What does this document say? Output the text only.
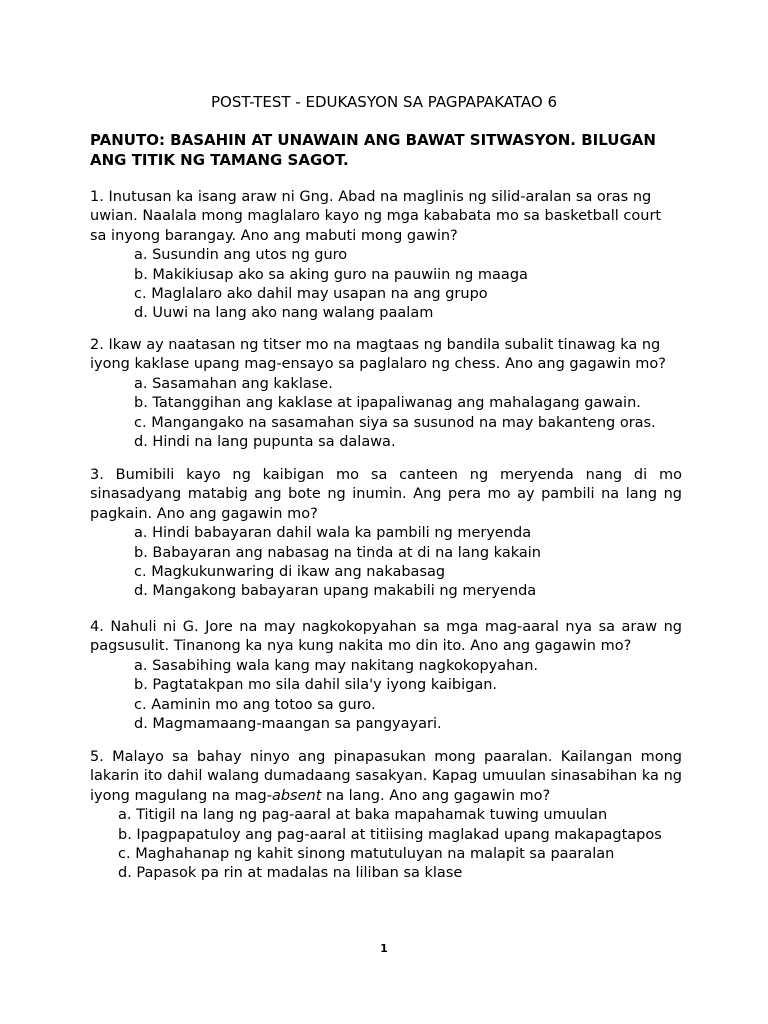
POST-TEST - EDUKASYON SA PAGPAPAKATAO 6
PANUTO: BASAHIN AT UNAWAIN ANG BAWAT SITWASYON. BILUGAN ANG TITIK NG TAMANG SAGOT.

1. Inutusan ka isang araw ni Gng. Abad na maglinis ng silid-aralan sa oras ng uwian. Naalala mong maglalaro kayo ng mga kababata mo sa basketball court sa inyong barangay. Ano ang mabuti mong gawin?

a. Susundin ang utos ng guro
b. Makikiusap ako sa aking guro na pauwiin ng maaga
c. Maglalaro ako dahil may usapan na ang grupo
d. Uuwi na lang ako nang walang paalam

2. Ikaw ay naatasan ng titser mo na magtaas ng bandila subalit tinawag ka ng iyong kaklase upang mag-ensayo sa paglalaro ng chess. Ano ang gagawin mo?

a. Sasamahan ang kaklase.
b. Tatanggihan ang kaklase at ipapaliwanag ang mahalagang gawain.
c. Mangangako na sasamahan siya sa susunod na may bakanteng oras.
d. Hindi na lang pupunta sa dalawa.

3. Bumibili kayo ng kaibigan mo sa canteen ng meryenda nang di mo sinasadyang matabig ang bote ng inumin. Ang pera mo ay pambili na lang ng pagkain. Ano ang gagawin mo?

a. Hindi babayaran dahil wala ka pambili ng meryenda
b. Babayaran ang nabasag na tinda at di na lang kakain
c. Magkukunwaring di ikaw ang nakabasag
d. Mangakong babayaran upang makabili ng meryenda

4. Nahuli ni G. Jore na may nagkokopyahan sa mga mag-aaral nya sa araw ng pagsusulit. Tinanong ka nya kung nakita mo din ito. Ano ang gagawin mo?

a. Sasabihing wala kang may nakitang nagkokopyahan.
b. Pagtatakpan mo sila dahil sila'y iyong kaibigan.
c. Aaminin mo ang totoo sa guro.
d. Magmamaang-maangan sa pangyayari.

5. Malayo sa bahay ninyo ang pinapasukan mong paaralan. Kailangan mong lakarin ito dahil walang dumadaang sasakyan. Kapag umuulan sinasabihan ka ng iyong magulang na mag-absent na lang. Ano ang gagawin mo?

a. Titigil na lang ng pag-aaral at baka mapahamak tuwing umuulan
b. Ipagpapatuloy ang pag-aaral at titiising maglakad upang makapagtapos
c. Maghahanap ng kahit sinong matutuluyan na malapit sa paaralan
d. Papasok pa rin at madalas na liliban sa klase
1
